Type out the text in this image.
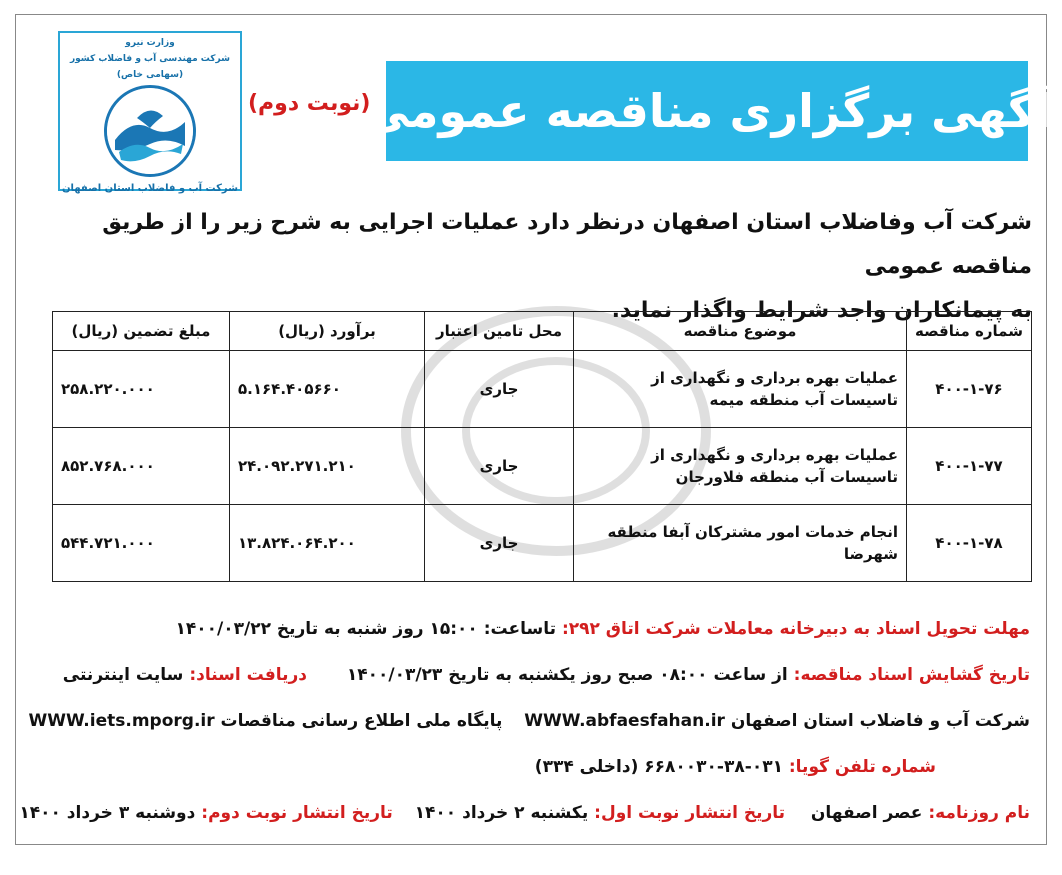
وزارت نیرو
شرکت مهندسی آب و فاضلاب کشور
(سهامی خاص)
شرکت آب و فاضلاب استان اصفهان
(نوبت دوم)
آگهی برگزاری مناقصه عمومی
شرکت آب وفاضلاب استان اصفهان درنظر دارد عملیات اجرایی به شرح زیر را از طریق مناقصه عمومی
به پیمانکاران واجد شرایط واگذار نماید.
شماره مناقصه	موضوع مناقصه	محل تامین اعتبار	(برآورد (ریال	مبلغ تضمین (ریال)
۴۰۰-۱-۷۶	عملیات بهره برداری و نگهداری از تاسیسات آب منطقه میمه	جاری	۵.۱۶۴.۴۰۵۶۶۰	۲۵۸.۲۲۰.۰۰۰
۴۰۰-۱-۷۷	عملیات بهره برداری و نگهداری از تاسیسات آب منطقه فلاورجان	جاری	۲۴.۰۹۲.۲۷۱.۲۱۰	۸۵۲.۷۶۸.۰۰۰
۴۰۰-۱-۷۸	انجام خدمات امور مشترکان آبفا منطقه شهرضا	جاری	۱۳.۸۲۴.۰۶۴.۲۰۰	۵۴۴.۷۲۱.۰۰۰
مهلت تحویل اسناد به دبیرخانه معاملات شرکت اتاق ۲۹۲: تاساعت: ۱۵:۰۰ روز شنبه به تاریخ ۱۴۰۰/۰۳/۲۲
تاریخ گشایش اسناد مناقصه: از ساعت ۰۸:۰۰ صبح روز یکشنبه به تاریخ ۱۴۰۰/۰۳/۲۳  دریافت اسناد: سایت اینترنتی
شرکت آب و فاضلاب استان اصفهان WWW.abfaesfahan.ir  پایگاه ملی اطلاع رسانی مناقصات WWW.iets.mporg.ir
شماره تلفن گویا: ۰۳۱-۳۸-۶۶۸۰۰۳۰ (داخلی ۳۳۴)
نام روزنامه: عصر اصفهان  تاریخ انتشار نوبت اول: یکشنبه ۲ خرداد ۱۴۰۰  تاریخ انتشار نوبت دوم: دوشنبه ۳ خرداد ۱۴۰۰
